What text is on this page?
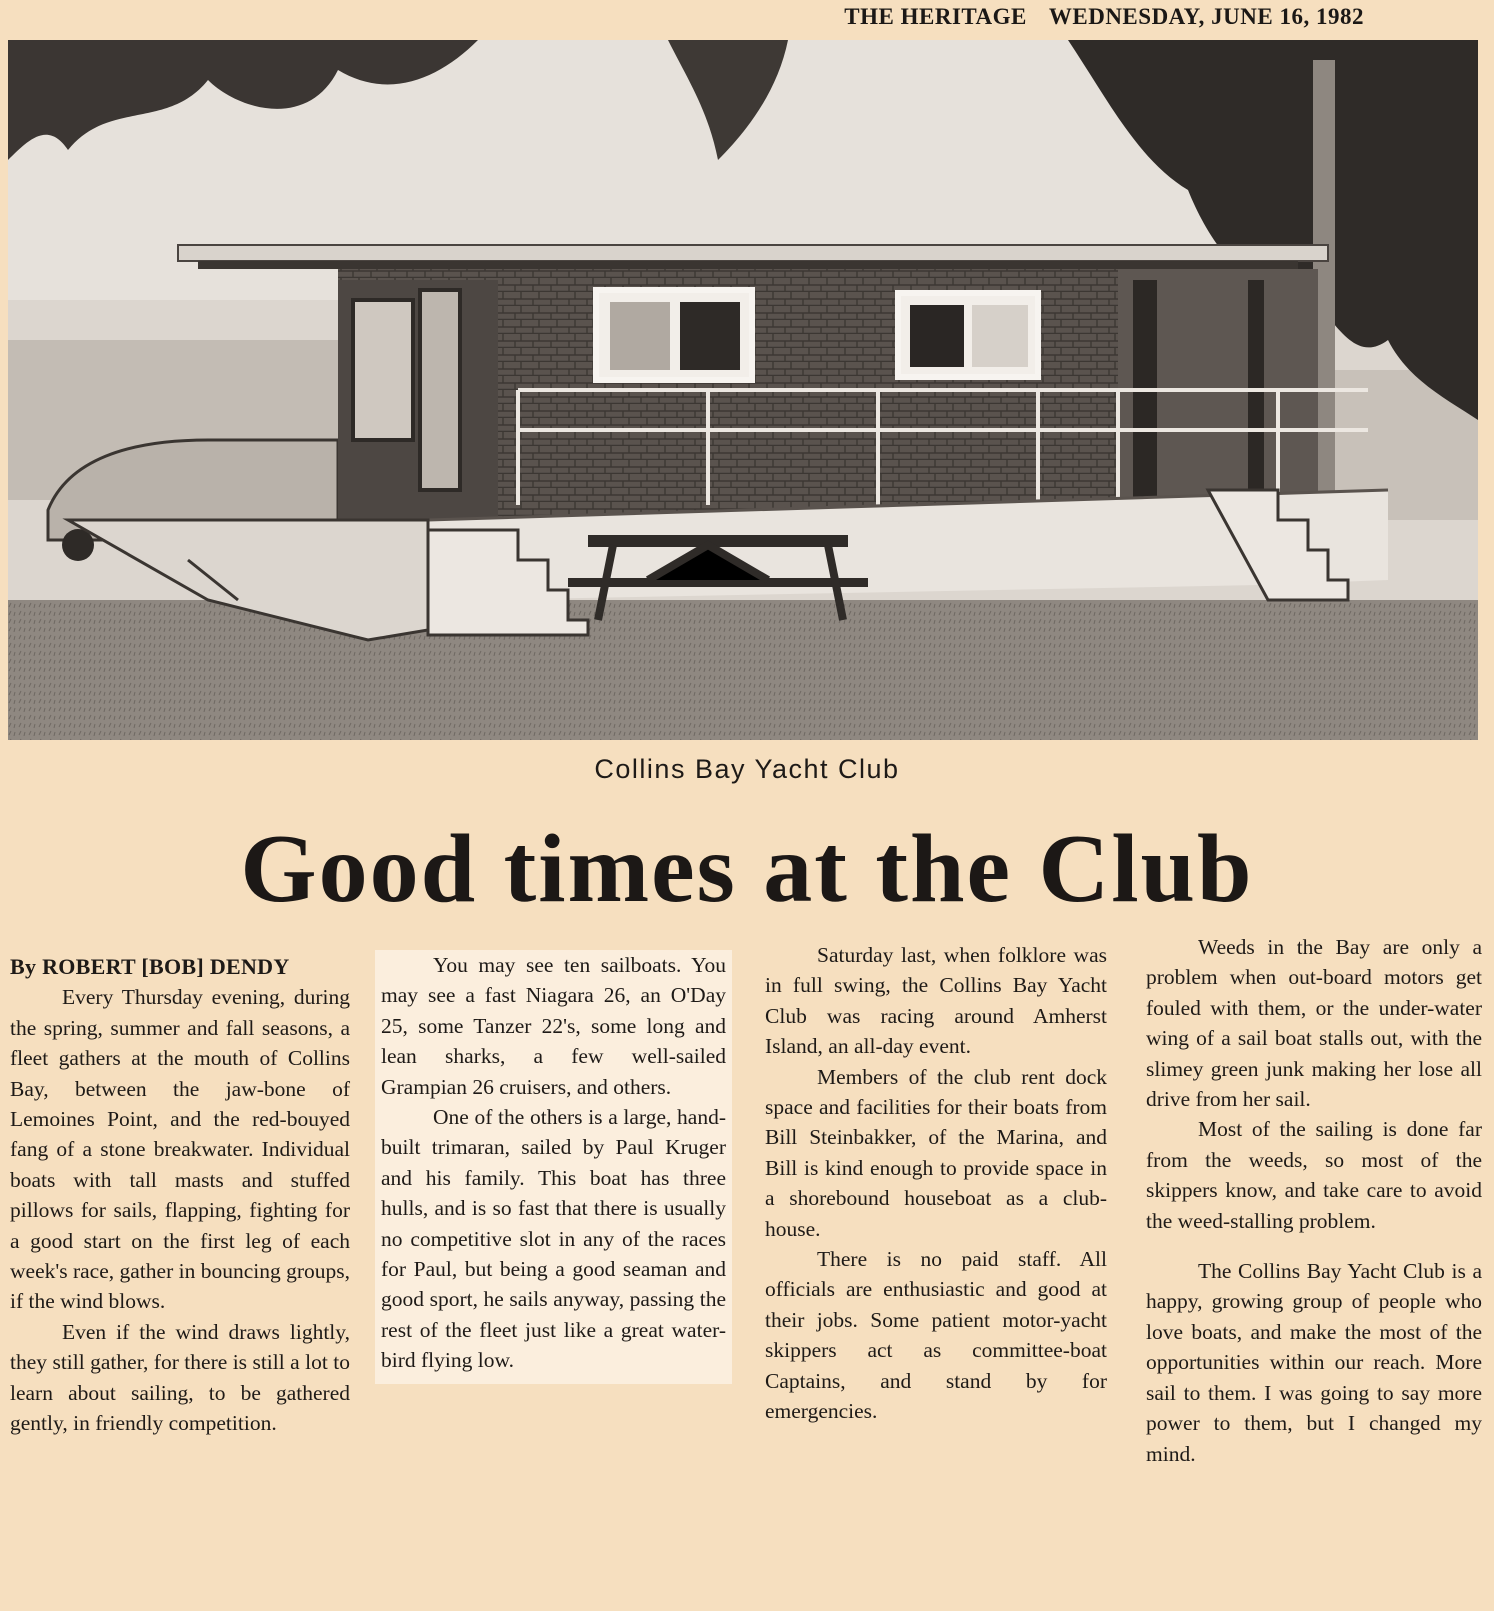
THE HERITAGE WEDNESDAY, JUNE 16, 1982
Collins Bay Yacht Club
Good times at the Club

By ROBERT [BOB] DENDY

Every Thursday evening, during the spring, summer and fall seasons, a fleet gathers at the mouth of Collins Bay, between the jaw-bone of Lemoines Point, and the red-bouyed fang of a stone breakwater. Individual boats with tall masts and stuffed pillows for sails, flapping, fighting for a good start on the first leg of each week's race, gather in bouncing groups, if the wind blows.

Even if the wind draws lightly, they still gather, for there is still a lot to learn about sailing, to be gathered gently, in friendly competition.

You may see ten sailboats. You may see a fast Niagara 26, an O'Day 25, some Tanzer 22's, some long and lean sharks, a few well-sailed Grampian 26 cruisers, and others.

One of the others is a large, hand-built trimaran, sailed by Paul Kruger and his family. This boat has three hulls, and is so fast that there is usually no competitive slot in any of the races for Paul, but being a good seaman and good sport, he sails anyway, passing the rest of the fleet just like a great water-bird flying low.

Saturday last, when folklore was in full swing, the Collins Bay Yacht Club was racing around Amherst Island, an all-day event.

Members of the club rent dock space and facilities for their boats from Bill Steinbakker, of the Marina, and Bill is kind enough to provide space in a shorebound houseboat as a club-house.

There is no paid staff. All officials are enthusiastic and good at their jobs. Some patient motor-yacht skippers act as committee-boat Captains, and stand by for emergencies.

Weeds in the Bay are only a problem when out-board motors get fouled with them, or the under-water wing of a sail boat stalls out, with the slimey green junk making her lose all drive from her sail.

Most of the sailing is done far from the weeds, so most of the skippers know, and take care to avoid the weed-stalling problem.

The Collins Bay Yacht Club is a happy, growing group of people who love boats, and make the most of the opportunities within our reach. More sail to them. I was going to say more power to them, but I changed my mind.
